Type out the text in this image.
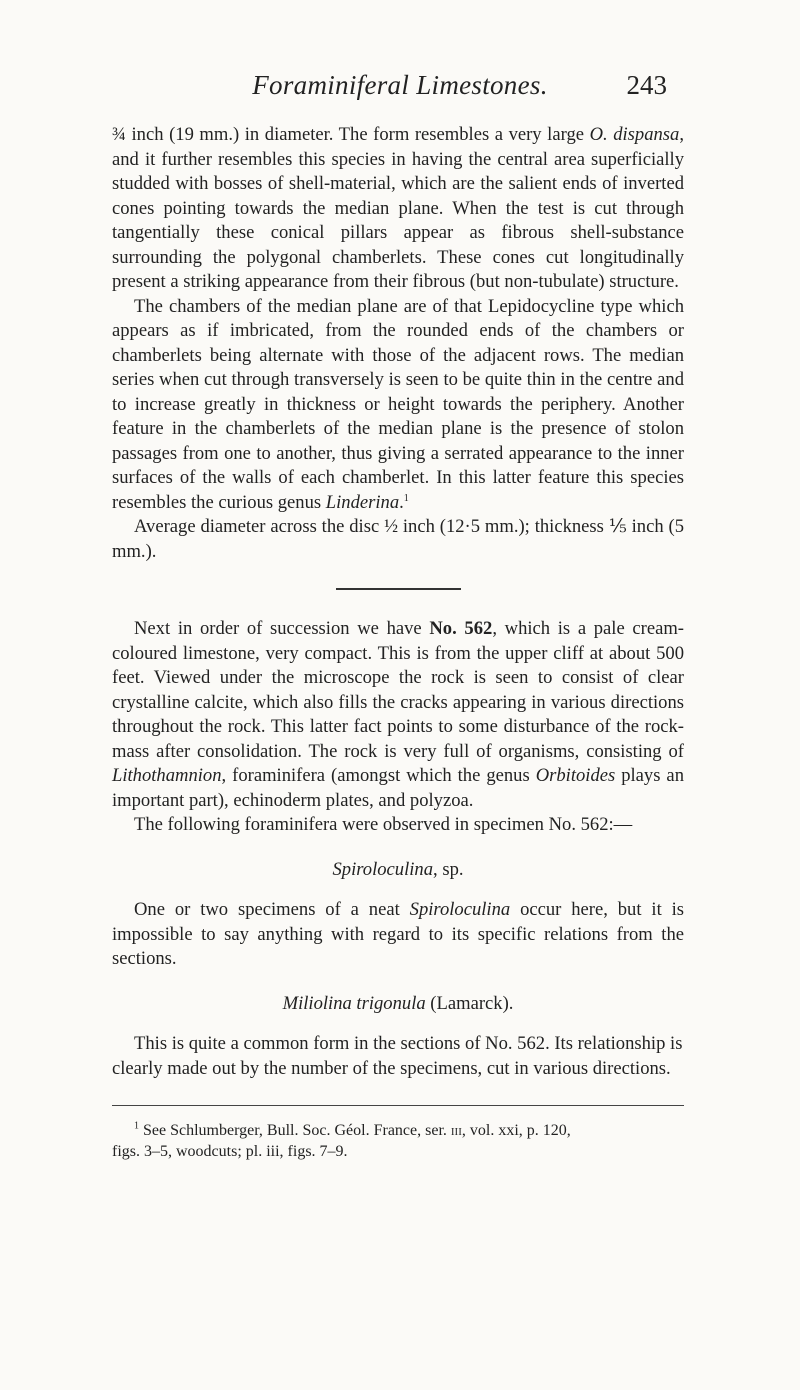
Foraminiferal Limestones.	243

¾ inch (19 mm.) in diameter. The form resembles a very large O. dispansa, and it further resembles this species in having the central area superficially studded with bosses of shell-material, which are the salient ends of inverted cones pointing towards the median plane. When the test is cut through tangentially these conical pillars appear as fibrous shell-substance surrounding the polygonal chamberlets. These cones cut longitudinally present a striking appearance from their fibrous (but non-tubulate) structure.

The chambers of the median plane are of that Lepidocycline type which appears as if imbricated, from the rounded ends of the chambers or chamberlets being alternate with those of the adjacent rows. The median series when cut through transversely is seen to be quite thin in the centre and to increase greatly in thickness or height towards the periphery. Another feature in the chamberlets of the median plane is the presence of stolon passages from one to another, thus giving a serrated appearance to the inner surfaces of the walls of each chamberlet. In this latter feature this species resembles the curious genus Linderina.$^1$

Average diameter across the disc ½ inch (12·5 mm.); thickness ⅕ inch (5 mm.).

Next in order of succession we have No. 562, which is a pale cream-coloured limestone, very compact. This is from the upper cliff at about 500 feet. Viewed under the microscope the rock is seen to consist of clear crystalline calcite, which also fills the cracks appearing in various directions throughout the rock. This latter fact points to some disturbance of the rock-mass after consolidation. The rock is very full of organisms, consisting of Lithothamnion, foraminifera (amongst which the genus Orbitoides plays an important part), echinoderm plates, and polyzoa.

The following foraminifera were observed in specimen No. 562:—

Spiroloculina, sp.

One or two specimens of a neat Spiroloculina occur here, but it is impossible to say anything with regard to its specific relations from the sections.

Miliolina trigonula (Lamarck).

This is quite a common form in the sections of No. 562. Its relationship is clearly made out by the number of the specimens, cut in various directions.

$^1$ See Schlumberger, Bull. Soc. Géol. France, ser. iii, vol. xxi, p. 120,
figs. 3–5, woodcuts; pl. iii, figs. 7–9.
